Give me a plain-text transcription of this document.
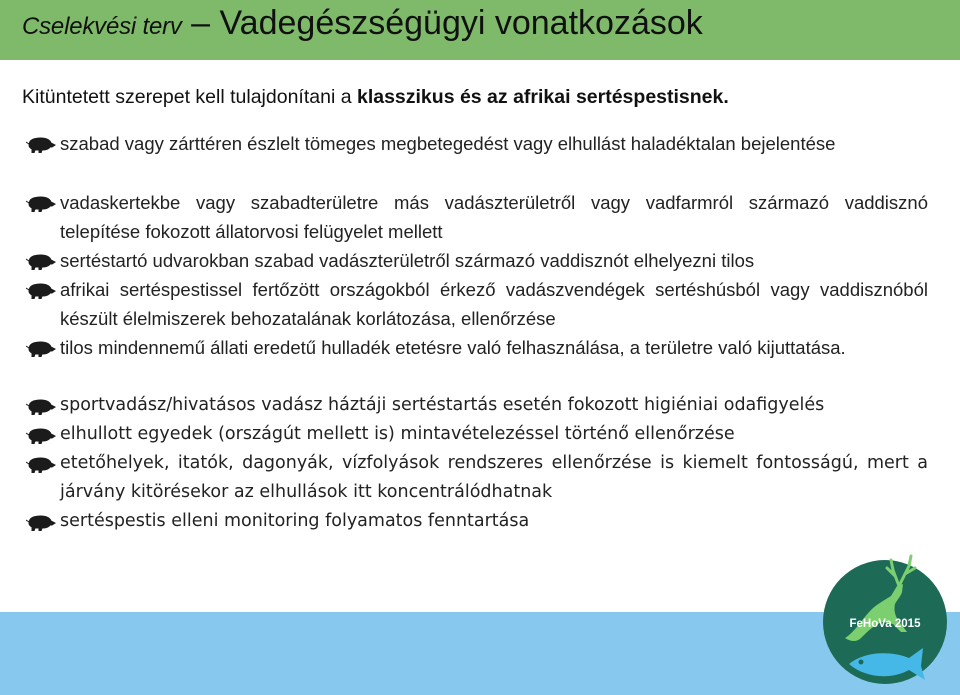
Cselekvési terv – Vadegészségügyi vonatkozások

Kitüntetett szerepet kell tulajdonítani a klasszikus és az afrikai sertéspestisnek.

szabad vagy zárttéren észlelt tömeges megbetegedést vagy elhullást haladéktalan bejelentése
vadaskertekbe vagy szabadterületre más vadászterületről vagy vadfarmról származó vaddisznó telepítése fokozott állatorvosi felügyelet mellett
sertéstartó udvarokban szabad vadászterületről származó vaddisznót elhelyezni tilos
afrikai sertéspestissel fertőzött országokból érkező vadászvendégek sertéshúsból vagy vaddisznóból készült élelmiszerek behozatalának korlátozása, ellenőrzése
tilos mindennemű állati eredetű hulladék etetésre való felhasználása, a területre való kijuttatása.
sportvadász/hivatásos vadász háztáji sertéstartás esetén fokozott higiéniai odafigyelés
elhullott egyedek (országút mellett is) mintavételezéssel történő ellenőrzése
etetőhelyek, itatók, dagonyák, vízfolyások rendszeres ellenőrzése is kiemelt fontosságú, mert a járvány kitörésekor az elhullások itt koncentrálódhatnak
sertéspestis elleni monitoring folyamatos fenntartása
FeHoVa 2015
